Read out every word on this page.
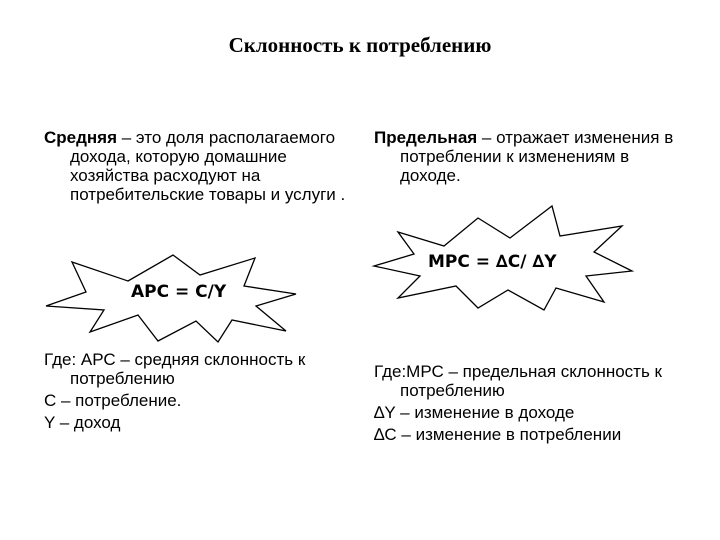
Склонность к потреблению

Средняя – это доля располагаемого дохода, которую домашние хозяйства расходуют на потребительские товары и услуги .

Предельная – отражает изменения в потреблении к изменениям в доходе.

APC = C/Y
MPC = ∆C/ ∆Y

Где: АРС – средняя склонность к потреблению

С – потребление.

Y – доход

Где:МРС – предельная склонность к потреблению

∆Y – изменение в доходе

∆C – изменение в потреблении
